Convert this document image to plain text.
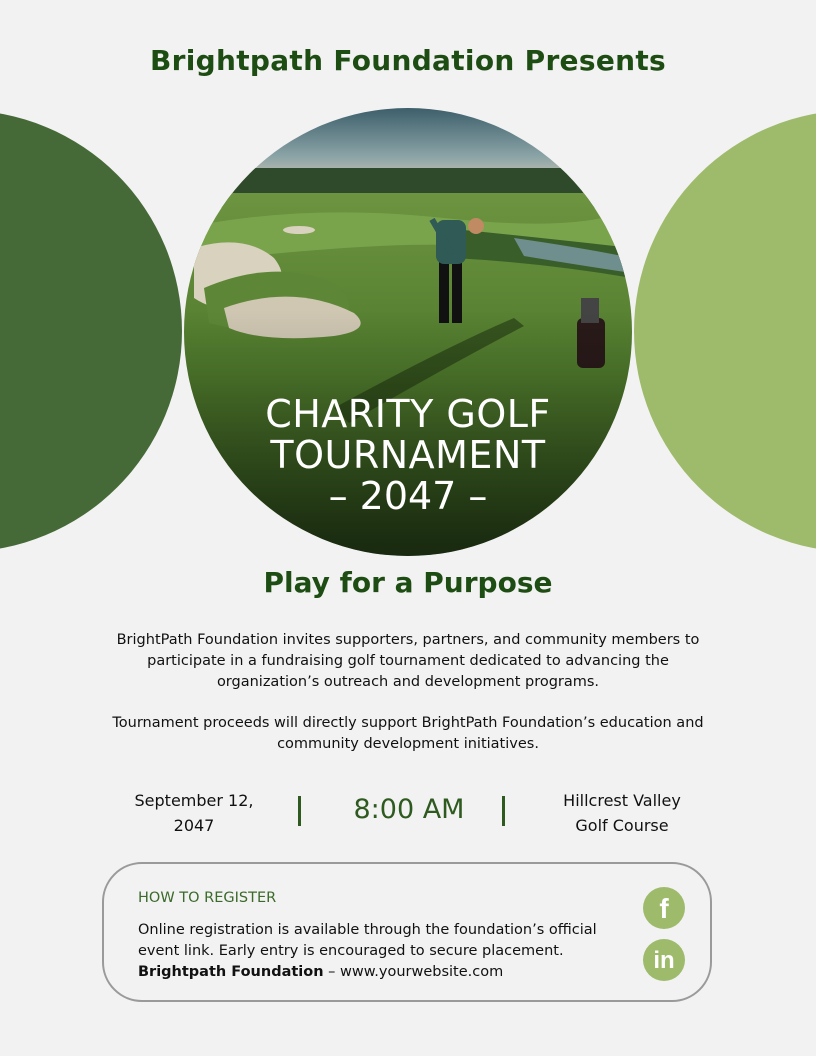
Brightpath Foundation Presents
CHARITY GOLF
TOURNAMENT
– 2047 –
Play for a Purpose
BrightPath Foundation invites supporters, partners, and community members to participate in a fundraising golf tournament dedicated to advancing the organization’s outreach and development programs.
Tournament proceeds will directly support BrightPath Foundation’s education and community development initiatives.
September 12,
2047
8:00 AM	Hillcrest Valley
Golf Course
HOW TO REGISTER
Online registration is available through the foundation’s official event link. Early entry is encouraged to secure placement.
Brightpath Foundation – www.yourwebsite.com
f
in
